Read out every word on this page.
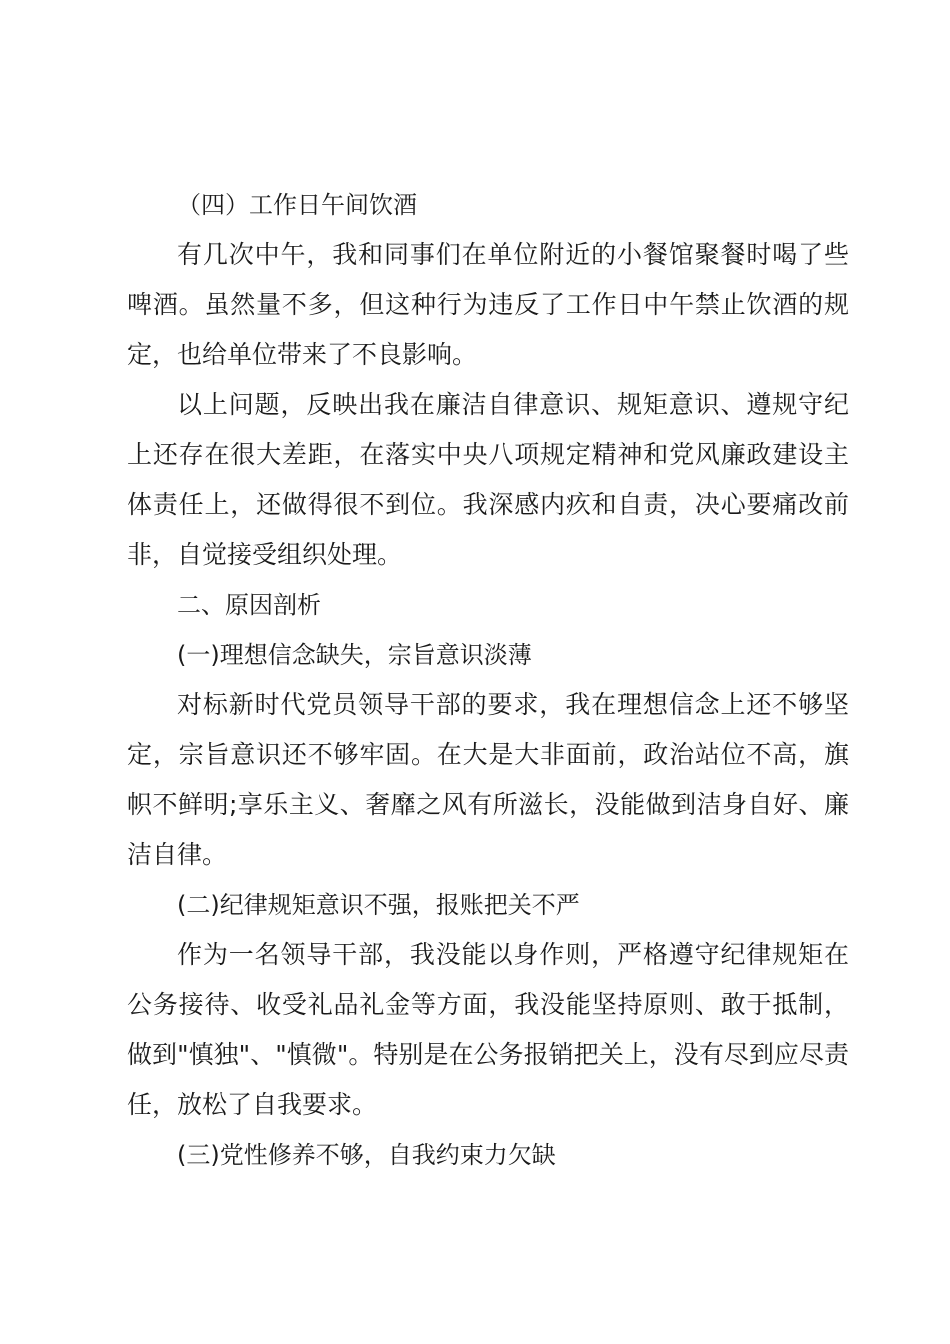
（四）工作日午间饮酒

有几次中午，我和同事们在单位附近的小餐馆聚餐时喝了些啤酒。虽然量不多，但这种行为违反了工作日中午禁止饮酒的规定，也给单位带来了不良影响。

以上问题，反映出我在廉洁自律意识、规矩意识、遵规守纪上还存在很大差距，在落实中央八项规定精神和党风廉政建设主体责任上，还做得很不到位。我深感内疚和自责，决心要痛改前非，自觉接受组织处理。

二、原因剖析

(一)理想信念缺失，宗旨意识淡薄

对标新时代党员领导干部的要求，我在理想信念上还不够坚定，宗旨意识还不够牢固。在大是大非面前，政治站位不高，旗帜不鲜明;享乐主义、奢靡之风有所滋长，没能做到洁身自好、廉洁自律。

(二)纪律规矩意识不强，报账把关不严

作为一名领导干部，我没能以身作则，严格遵守纪律规矩在公务接待、收受礼品礼金等方面，我没能坚持原则、敢于抵制，做到"慎独"、"慎微"。特别是在公务报销把关上，没有尽到应尽责任，放松了自我要求。

(三)党性修养不够，自我约束力欠缺
